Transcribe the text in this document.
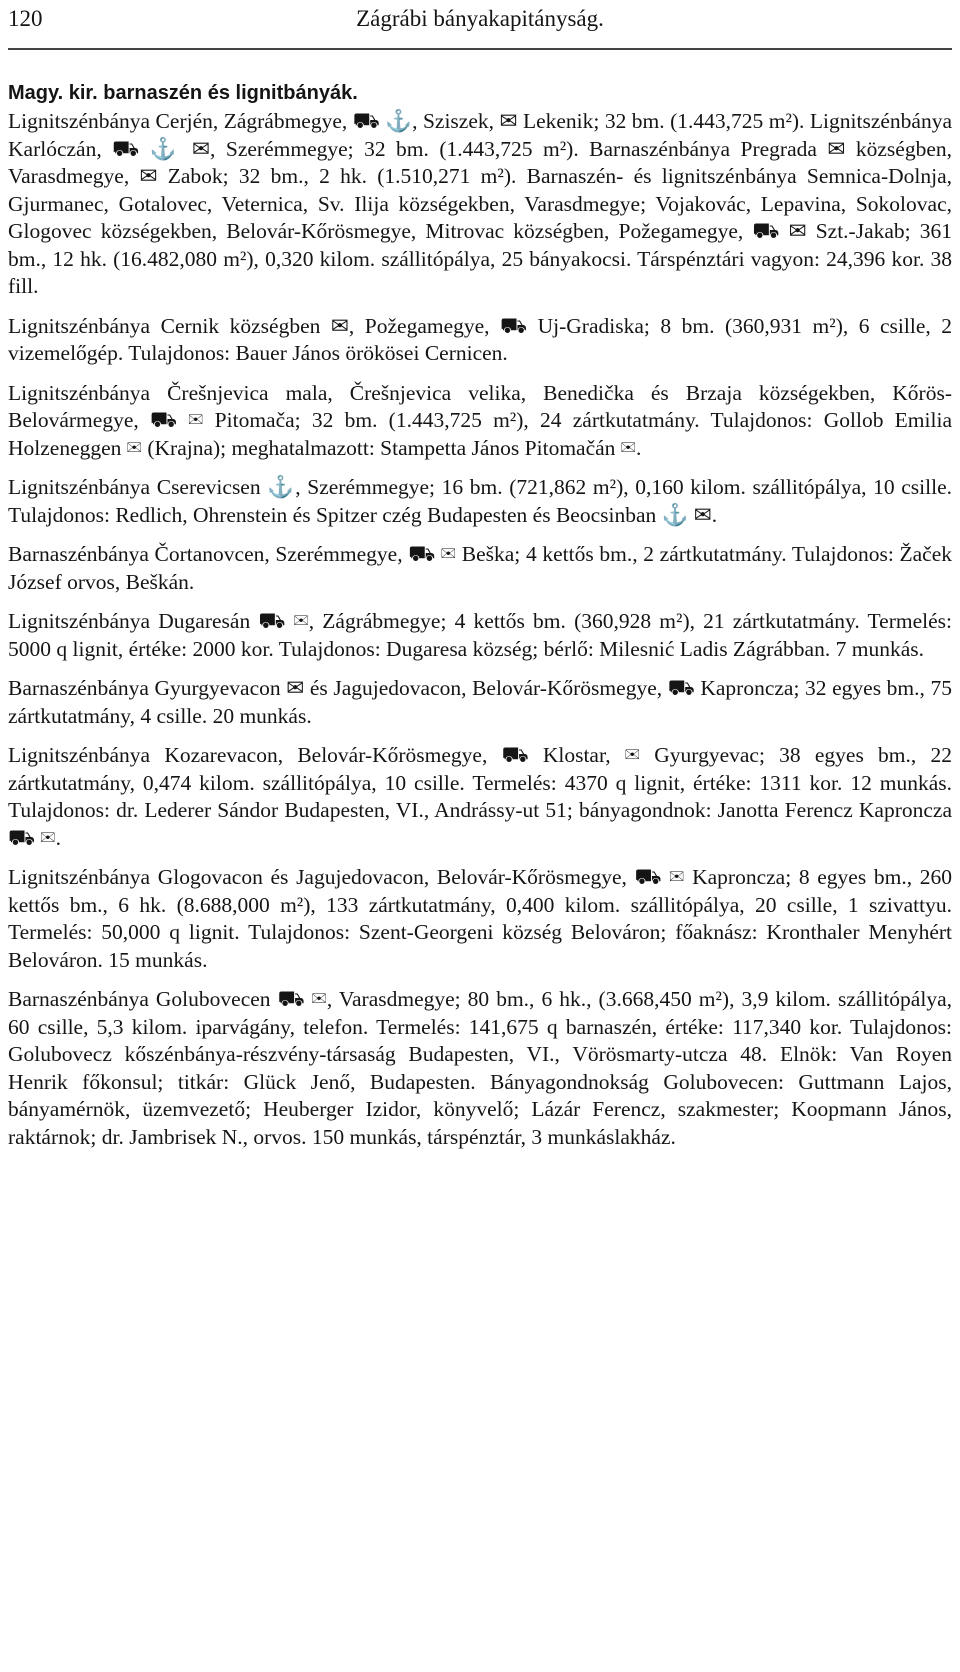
120	Zágrábi bányakapitányság.
Magy. kir. barnaszén és lignitbányák.
Lignitszénbánya Cerjén, Zágrábmegye, ⛟ ⚓, Sziszek, ✉ Lekenik; 32 bm. (1.443,725 m²). Lignitszénbánya Karlóczán, ⛟ ⚓ ✉, Szerémmegye; 32 bm. (1.443,725 m²). Barnaszénbánya Pregrada ✉ községben, Varasdmegye, ✉ Zabok; 32 bm., 2 hk. (1.510,271 m²). Barnaszén- és lignitszénbánya Semnica-Dolnja, Gjurmanec, Gotalovec, Veternica, Sv. Ilija községekben, Varasdmegye; Vojakovác, Lepavina, Sokolovac, Glogovec községekben, Belovár-Kőrösmegye, Mitrovac községben, Požegamegye, ⛟ ✉ Szt.-Jakab; 361 bm., 12 hk. (16.482,080 m²), 0,320 kilom. szállitópálya, 25 bányakocsi. Társpénztári vagyon: 24,396 kor. 38 fill.
Lignitszénbánya Cernik községben ✉, Požegamegye, ⛟ Uj-Gradiska; 8 bm. (360,931 m²), 6 csille, 2 vizemelőgép. Tulajdonos: Bauer János örökösei Cernicen.
Lignitszénbánya Črešnjevica mala, Črešnjevica velika, Benedička és Brzaja községekben, Kőrös-Belovármegye, ⛟ ✉ Pitomača; 32 bm. (1.443,725 m²), 24 zártkutatmány. Tulajdonos: Gollob Emilia Holzeneggen ✉ (Krajna); meghatalmazott: Stampetta János Pitomačán ✉.
Lignitszénbánya Cserevicsen ⚓, Szerémmegye; 16 bm. (721,862 m²), 0,160 kilom. szállitópálya, 10 csille. Tulajdonos: Redlich, Ohrenstein és Spitzer czég Budapesten és Beocsinban ⚓ ✉.
Barnaszénbánya Čortanovcen, Szerémmegye, ⛟ ✉ Beška; 4 kettős bm., 2 zártkutatmány. Tulajdonos: Žaček József orvos, Beškán.
Lignitszénbánya Dugaresán ⛟ ✉, Zágrábmegye; 4 kettős bm. (360,928 m²), 21 zártkutatmány. Termelés: 5000 q lignit, értéke: 2000 kor. Tulajdonos: Dugaresa község; bérlő: Milesnić Ladis Zágrábban. 7 munkás.
Barnaszénbánya Gyurgyevacon ✉ és Jagujedovacon, Belovár-Kőrösmegye, ⛟ Kaproncza; 32 egyes bm., 75 zártkutatmány, 4 csille. 20 munkás.
Lignitszénbánya Kozarevacon, Belovár-Kőrösmegye, ⛟ Klostar, ✉ Gyurgyevac; 38 egyes bm., 22 zártkutatmány, 0,474 kilom. szállitópálya, 10 csille. Termelés: 4370 q lignit, értéke: 1311 kor. 12 munkás. Tulajdonos: dr. Lederer Sándor Budapesten, VI., Andrássy-ut 51; bányagondnok: Janotta Ferencz Kaproncza ⛟ ✉.
Lignitszénbánya Glogovacon és Jagujedovacon, Belovár-Kőrösmegye, ⛟ ✉ Kaproncza; 8 egyes bm., 260 kettős bm., 6 hk. (8.688,000 m²), 133 zártkutatmány, 0,400 kilom. szállitópálya, 20 csille, 1 szivattyu. Termelés: 50,000 q lignit. Tulajdonos: Szent-Georgeni község Belováron; főaknász: Kronthaler Menyhért Belováron. 15 munkás.
Barnaszénbánya Golubovecen ⛟ ✉, Varasdmegye; 80 bm., 6 hk., (3.668,450 m²), 3,9 kilom. szállitópálya, 60 csille, 5,3 kilom. iparvágány, telefon. Termelés: 141,675 q barnaszén, értéke: 117,340 kor. Tulajdonos: Golubovecz kőszénbánya-részvény-társaság Budapesten, VI., Vörösmarty-utcza 48. Elnök: Van Royen Henrik főkonsul; titkár: Glück Jenő, Budapesten. Bányagondnokság Golubovecen: Guttmann Lajos, bányamérnök, üzemvezető; Heuberger Izidor, könyvelő; Lázár Ferencz, szakmester; Koopmann János, raktárnok; dr. Jambrisek N., orvos. 150 munkás, társpénztár, 3 munkáslakház.
